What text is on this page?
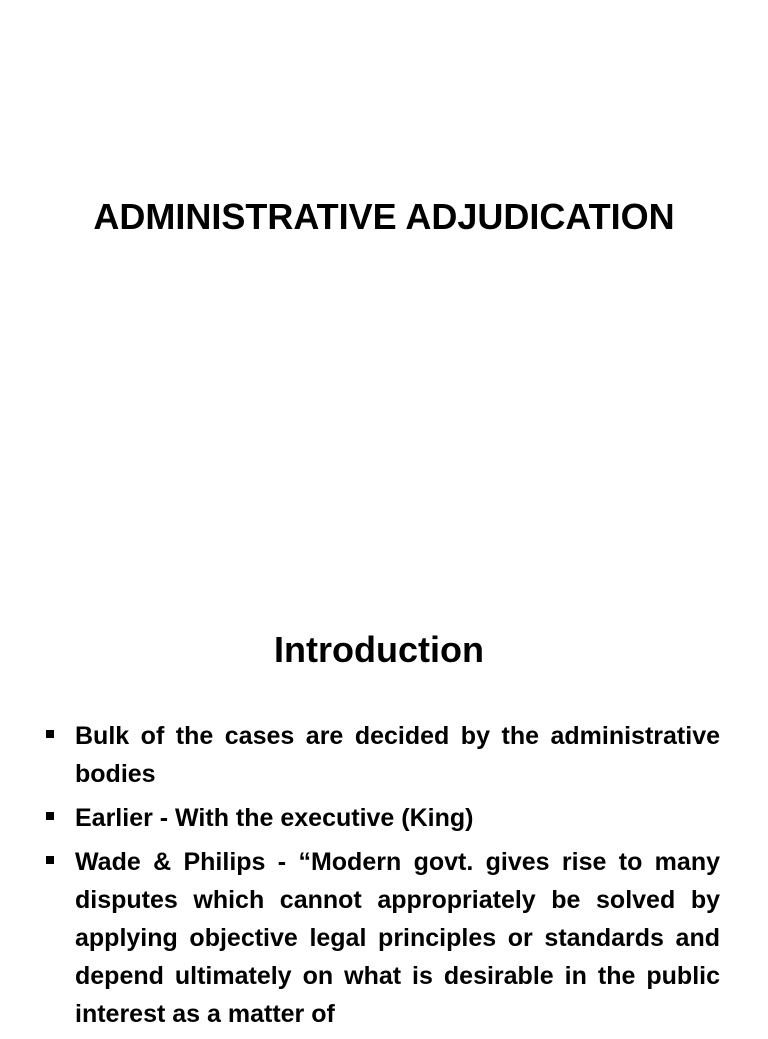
ADMINISTRATIVE ADJUDICATION
Introduction
Bulk of the cases are decided by the administrative bodies
Earlier - With the executive (King)
Wade & Philips - “Modern govt. gives rise to many disputes which cannot appropriately be solved by applying objective legal principles or standards and depend ultimately on what is desirable in the public interest as a matter of
